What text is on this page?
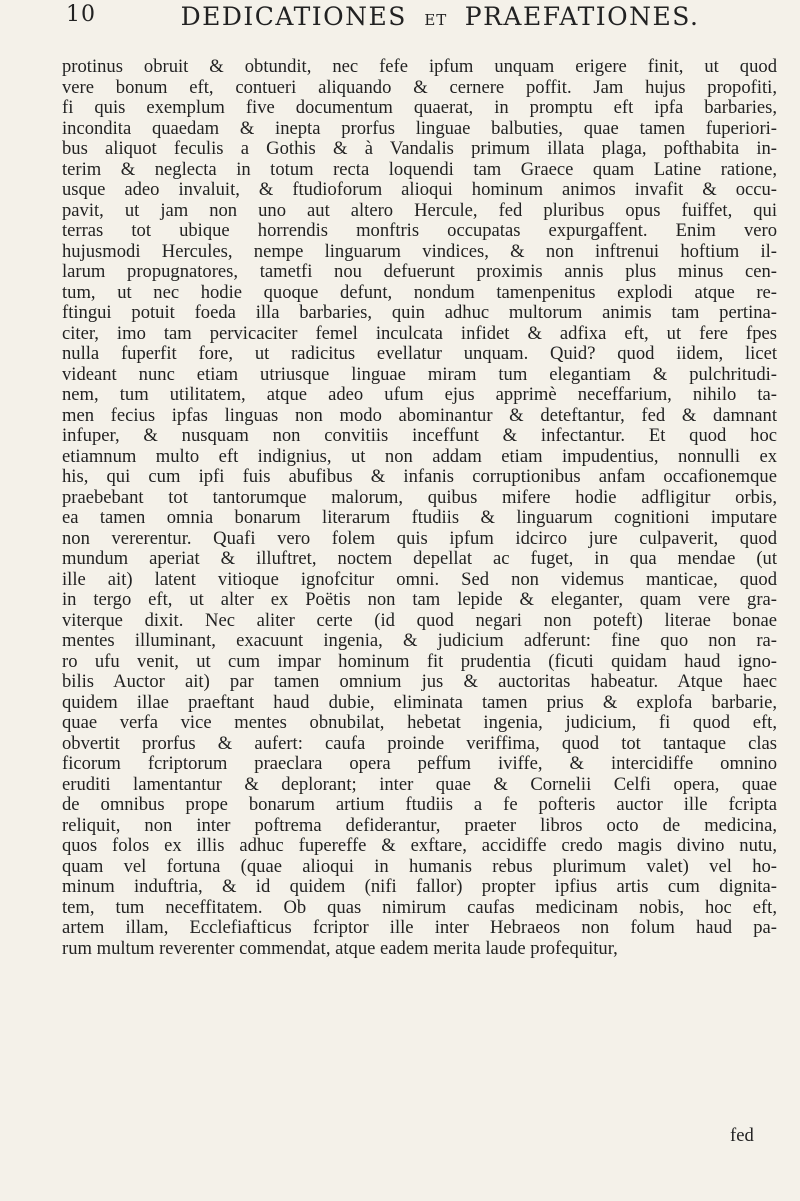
10	DEDICATIONES ET PRAEFATIONES.
protinus obruit & obtundit, nec fefe ipfum unquam erigere finit, ut quod
vere bonum eft, contueri aliquando & cernere poffit. Jam hujus propofiti,
fi quis exemplum five documentum quaerat, in promptu eft ipfa barbaries,
incondita quaedam & inepta prorfus linguae balbuties, quae tamen fuperiori-
bus aliquot feculis a Gothis & à Vandalis primum illata plaga, pofthabita in-
terim & neglecta in totum recta loquendi tam Graece quam Latine ratione,
usque adeo invaluit, & ftudioforum alioqui hominum animos invafit & occu-
pavit, ut jam non uno aut altero Hercule, fed pluribus opus fuiffet, qui
terras tot ubique horrendis monftris occupatas expurgaffent. Enim vero
hujusmodi Hercules, nempe linguarum vindices, & non inftrenui hoftium il-
larum propugnatores, tametfi nou defuerunt proximis annis plus minus cen-
tum, ut nec hodie quoque defunt, nondum tamenpenitus explodi atque re-
ftingui potuit foeda illa barbaries, quin adhuc multorum animis tam pertina-
citer, imo tam pervicaciter femel inculcata infidet & adfixa eft, ut fere fpes
nulla fuperfit fore, ut radicitus evellatur unquam. Quid? quod iidem, licet
videant nunc etiam utriusque linguae miram tum elegantiam & pulchritudi-
nem, tum utilitatem, atque adeo ufum ejus apprimè neceffarium, nihilo ta-
men fecius ipfas linguas non modo abominantur & deteftantur, fed & damnant
infuper, & nusquam non convitiis inceffunt & infectantur. Et quod hoc
etiamnum multo eft indignius, ut non addam etiam impudentius, nonnulli ex
his, qui cum ipfi fuis abufibus & infanis corruptionibus anfam occafionemque
praebebant tot tantorumque malorum, quibus mifere hodie adfligitur orbis,
ea tamen omnia bonarum literarum ftudiis & linguarum cognitioni imputare
non vererentur. Quafi vero folem quis ipfum idcirco jure culpaverit, quod
mundum aperiat & illuftret, noctem depellat ac fuget, in qua mendae (ut
ille ait) latent vitioque ignofcitur omni. Sed non videmus manticae, quod
in tergo eft, ut alter ex Poëtis non tam lepide & eleganter, quam vere gra-
viterque dixit. Nec aliter certe (id quod negari non poteft) literae bonae
mentes illuminant, exacuunt ingenia, & judicium adferunt: fine quo non ra-
ro ufu venit, ut cum impar hominum fit prudentia (ficuti quidam haud igno-
bilis Auctor ait) par tamen omnium jus & auctoritas habeatur. Atque haec
quidem illae praeftant haud dubie, eliminata tamen prius & explofa barbarie,
quae verfa vice mentes obnubilat, hebetat ingenia, judicium, fi quod eft,
obvertit prorfus & aufert: caufa proinde veriffima, quod tot tantaque clas
ficorum fcriptorum praeclara opera peffum iviffe, & intercidiffe omnino
eruditi lamentantur & deplorant; inter quae & Cornelii Celfi opera, quae
de omnibus prope bonarum artium ftudiis a fe pofteris auctor ille fcripta
reliquit, non inter poftrema defiderantur, praeter libros octo de medicina,
quos folos ex illis adhuc fupereffe & exftare, accidiffe credo magis divino nutu,
quam vel fortuna (quae alioqui in humanis rebus plurimum valet) vel ho-
minum induftria, & id quidem (nifi fallor) propter ipfius artis cum dignita-
tem, tum neceffitatem. Ob quas nimirum caufas medicinam nobis, hoc eft,
artem illam, Ecclefiafticus fcriptor ille inter Hebraeos non folum haud pa-
rum multum reverenter commendat, atque eadem merita laude profequitur,
fed
